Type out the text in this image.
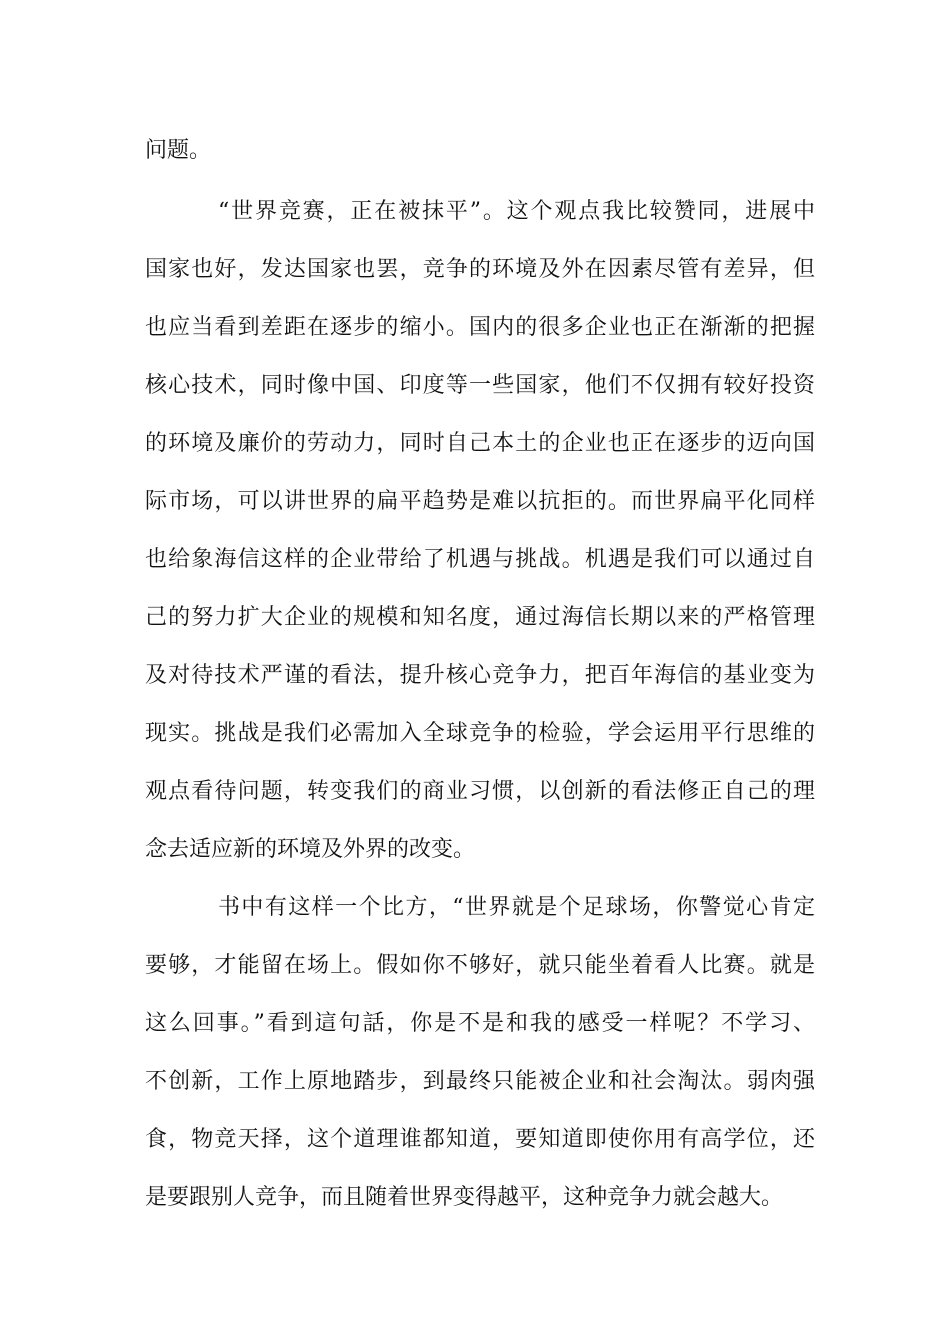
问题。
“世界竞赛，正在被抹平”。这个观点我比较赞同，进展中
国家也好，发达国家也罢，竞争的环境及外在因素尽管有差异，但
也应当看到差距在逐步的缩小。国内的很多企业也正在渐渐的把握
核心技术，同时像中国、印度等一些国家，他们不仅拥有较好投资
的环境及廉价的劳动力，同时自己本土的企业也正在逐步的迈向国
际市场，可以讲世界的扁平趋势是难以抗拒的。而世界扁平化同样
也给象海信这样的企业带给了机遇与挑战。机遇是我们可以通过自
己的努力扩大企业的规模和知名度，通过海信长期以来的严格管理
及对待技术严谨的看法，提升核心竞争力，把百年海信的基业变为
现实。挑战是我们必需加入全球竞争的检验，学会运用平行思维的
观点看待问题，转变我们的商业习惯，以创新的看法修正自己的理
念去适应新的环境及外界的改变。
书中有这样一个比方，“世界就是个足球场，你警觉心肯定
要够，才能留在场上。假如你不够好，就只能坐着看人比赛。就是
这么回事。”看到這句話，你是不是和我的感受一样呢？不学习、
不创新，工作上原地踏步，到最终只能被企业和社会淘汰。弱肉强
食，物竞天择，这个道理谁都知道，要知道即使你用有高学位，还
是要跟别人竞争，而且随着世界变得越平，这种竞争力就会越大。
